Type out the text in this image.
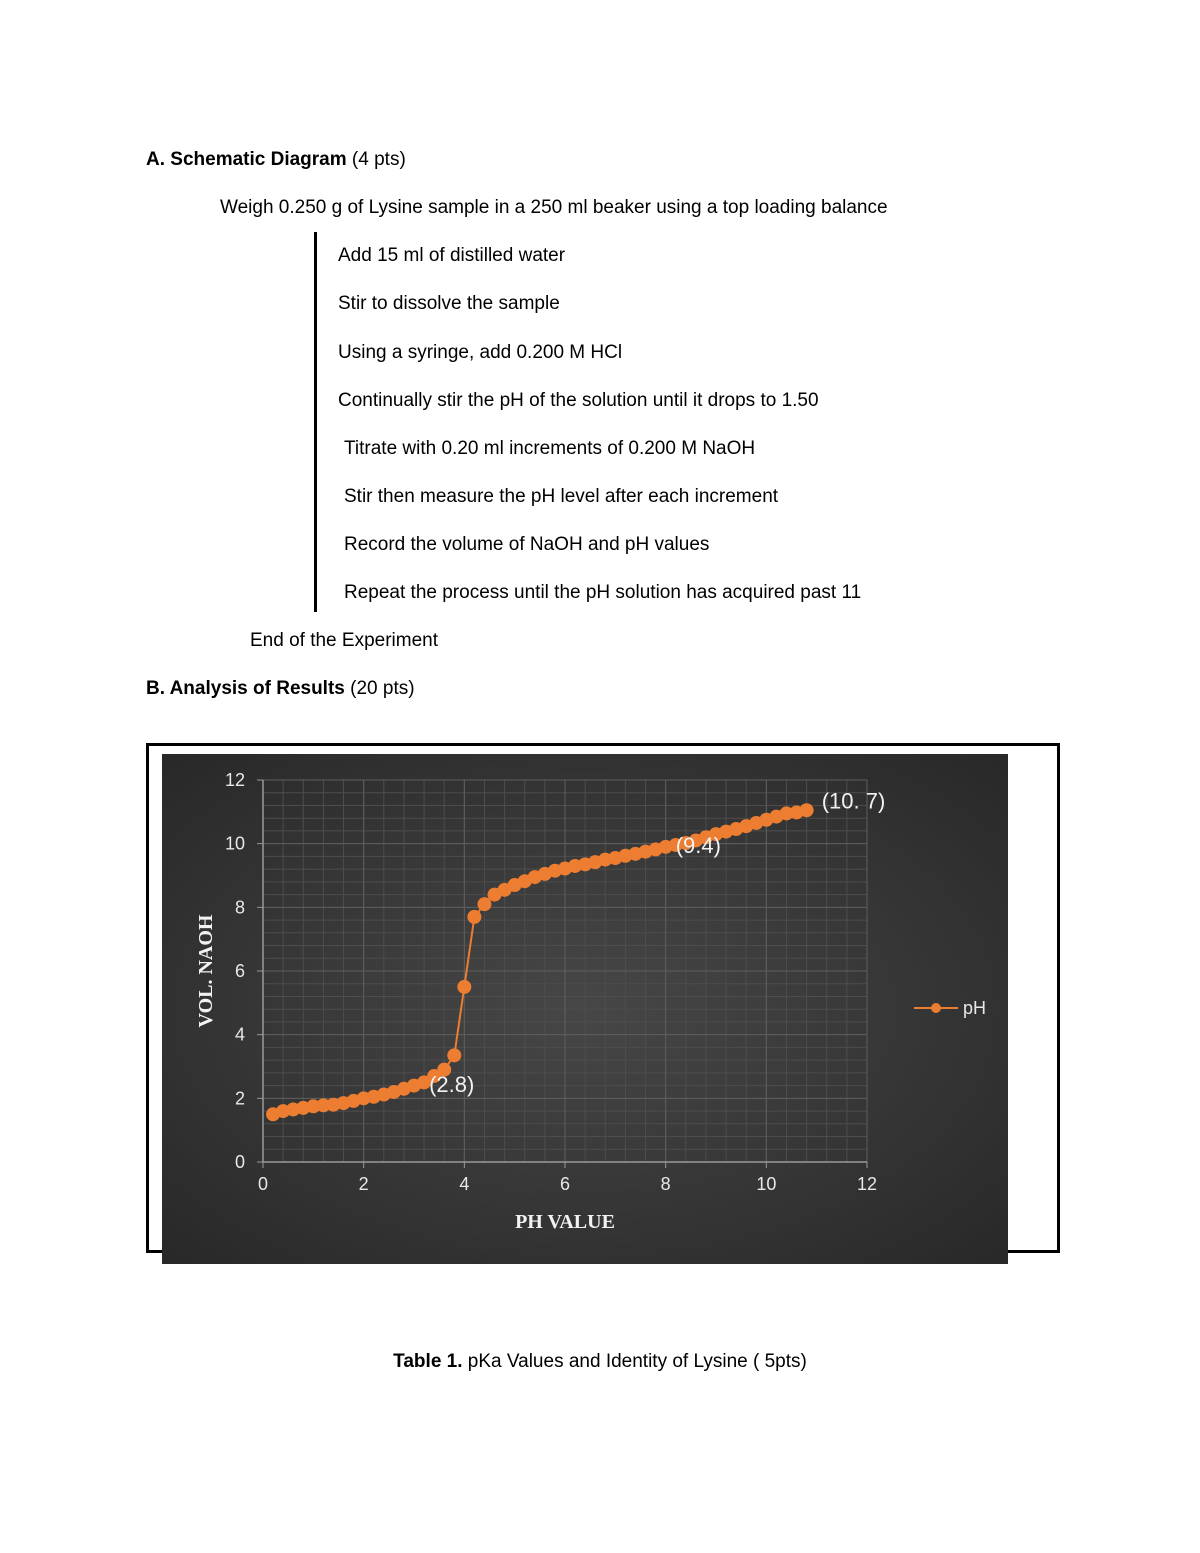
A. Schematic Diagram (4 pts)
Weigh 0.250 g of Lysine sample in a 250 ml beaker using a top loading balance
Add 15 ml of distilled water
Stir to dissolve the sample
Using a syringe, add 0.200 M HCl
Continually stir the pH of the solution until it drops to 1.50
Titrate with 0.20 ml increments of 0.200 M NaOH
Stir then measure the pH level after each increment
Record the volume of NaOH and pH values
Repeat the process until the pH solution has acquired past 11
End of the Experiment
B. Analysis of Results (20 pts)
0
2
4
6
8
10
12
0	2	4	6	8	10	12
VOL. NAOH
PH VALUE
(2.8)
(9.4)
(10. 7)
pH
Table 1. pKa Values and Identity of Lysine ( 5pts)
